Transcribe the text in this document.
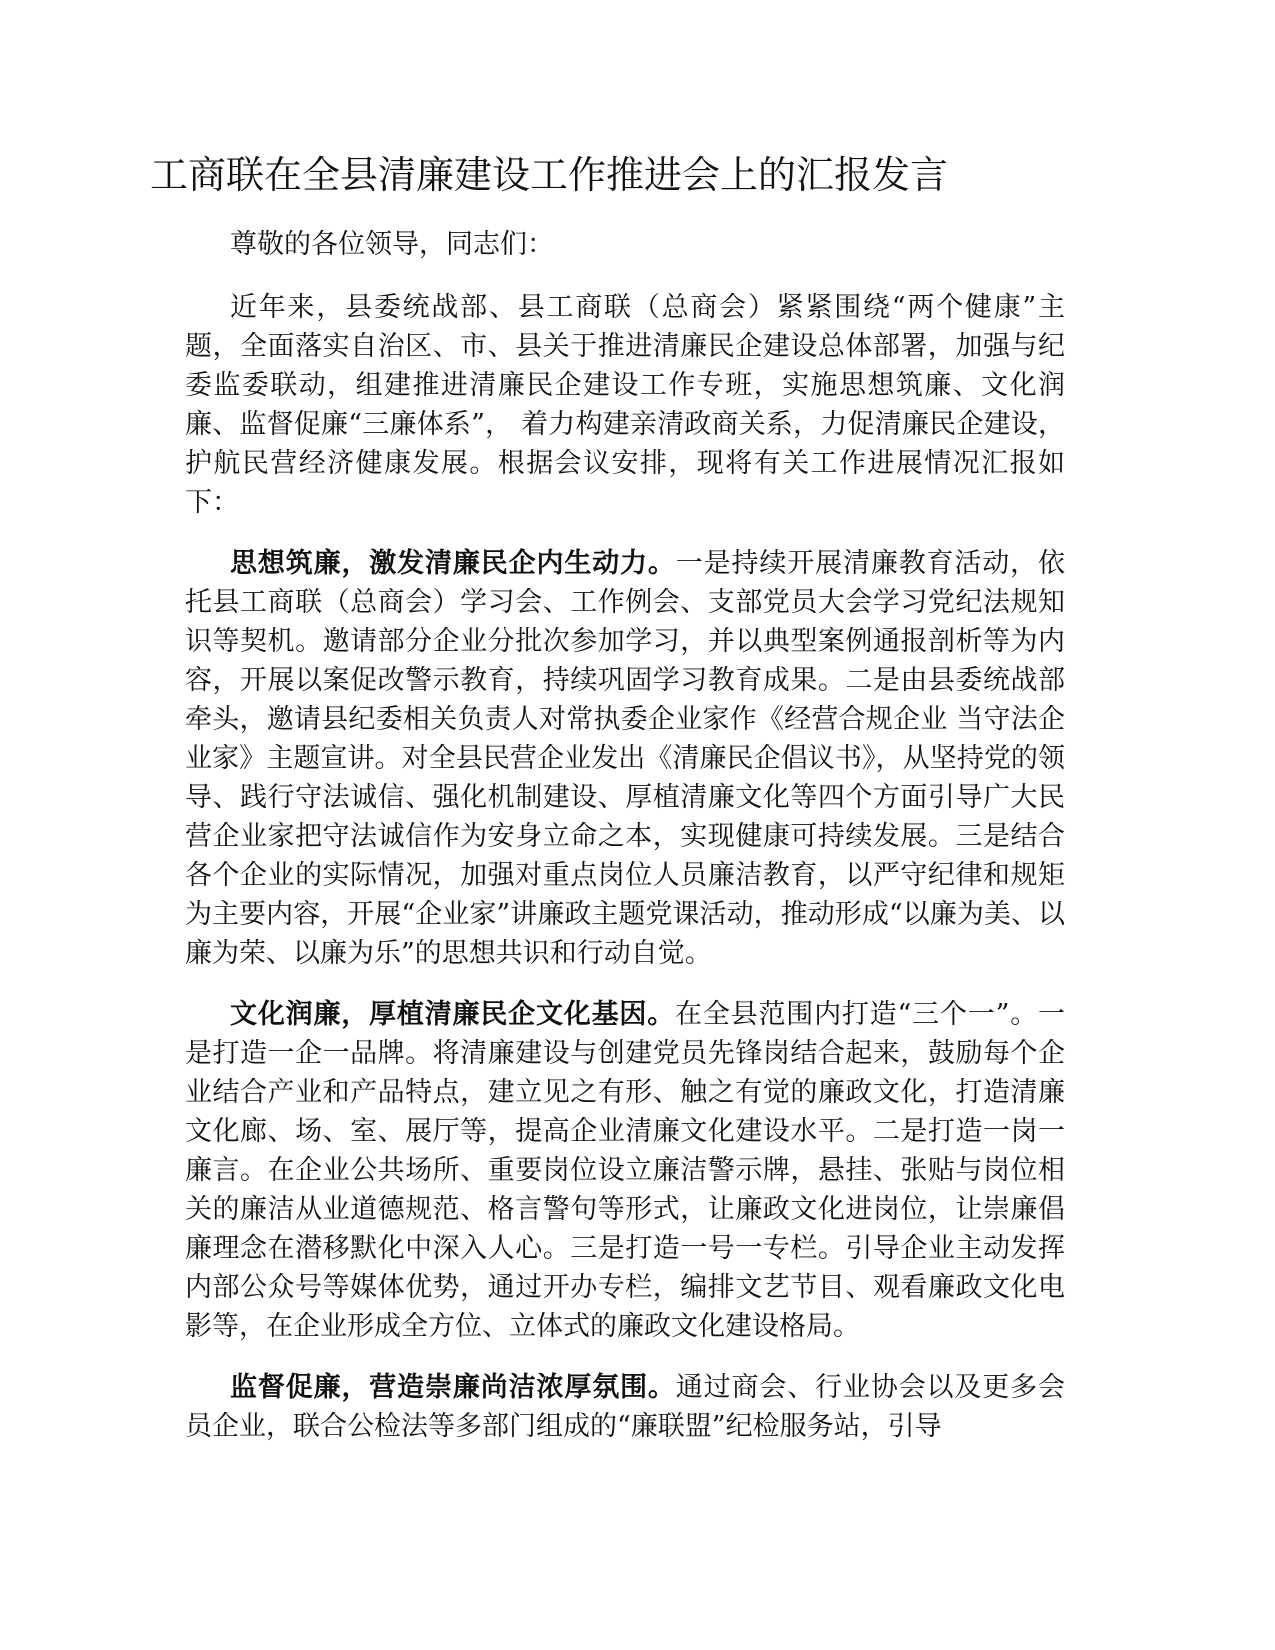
工商联在全县清廉建设工作推进会上的汇报发言

尊敬的各位领导，同志们：

近年来，县委统战部、县工商联（总商会）紧紧围绕“两个健康”主题，全面落实自治区、市、县关于推进清廉民企建设总体部署，加强与纪委监委联动，组建推进清廉民企建设工作专班，实施思想筑廉、文化润廉、监督促廉“三廉体系”， 着力构建亲清政商关系，力促清廉民企建设，护航民营经济健康发展。根据会议安排，现将有关工作进展情况汇报如下：

思想筑廉，激发清廉民企内生动力。一是持续开展清廉教育活动，依托县工商联（总商会）学习会、工作例会、支部党员大会学习党纪法规知识等契机。邀请部分企业分批次参加学习，并以典型案例通报剖析等为内容，开展以案促改警示教育，持续巩固学习教育成果。二是由县委统战部牵头，邀请县纪委相关负责人对常执委企业家作《经营合规企业 当守法企业家》主题宣讲。对全县民营企业发出《清廉民企倡议书》，从坚持党的领导、践行守法诚信、强化机制建设、厚植清廉文化等四个方面引导广大民营企业家把守法诚信作为安身立命之本，实现健康可持续发展。三是结合各个企业的实际情况，加强对重点岗位人员廉洁教育，以严守纪律和规矩为主要内容，开展“企业家”讲廉政主题党课活动，推动形成“以廉为美、以廉为荣、以廉为乐”的思想共识和行动自觉。

文化润廉，厚植清廉民企文化基因。在全县范围内打造“三个一”。一是打造一企一品牌。将清廉建设与创建党员先锋岗结合起来，鼓励每个企业结合产业和产品特点，建立见之有形、触之有觉的廉政文化，打造清廉文化廊、场、室、展厅等，提高企业清廉文化建设水平。二是打造一岗一廉言。在企业公共场所、重要岗位设立廉洁警示牌，悬挂、张贴与岗位相关的廉洁从业道德规范、格言警句等形式，让廉政文化进岗位，让崇廉倡廉理念在潜移默化中深入人心。三是打造一号一专栏。引导企业主动发挥内部公众号等媒体优势，通过开办专栏，编排文艺节目、观看廉政文化电影等，在企业形成全方位、立体式的廉政文化建设格局。

监督促廉，营造崇廉尚洁浓厚氛围。通过商会、行业协会以及更多会员企业，联合公检法等多部门组成的“廉联盟”纪检服务站，引导
